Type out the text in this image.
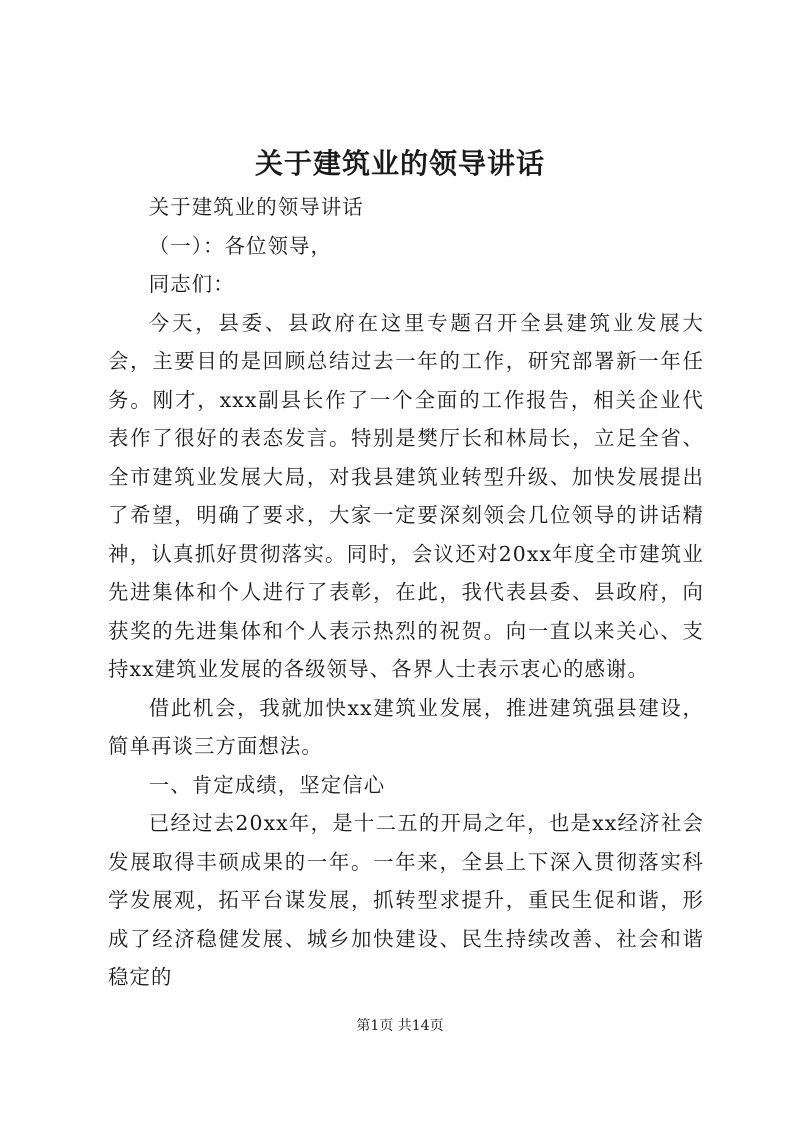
关于建筑业的领导讲话

关于建筑业的领导讲话

（一）：各位领导，

同志们：

今天，县委、县政府在这里专题召开全县建筑业发展大会，主要目的是回顾总结过去一年的工作，研究部署新一年任务。刚才，xxx副县长作了一个全面的工作报告，相关企业代表作了很好的表态发言。特别是樊厅长和林局长，立足全省、全市建筑业发展大局，对我县建筑业转型升级、加快发展提出了希望，明确了要求，大家一定要深刻领会几位领导的讲话精神，认真抓好贯彻落实。同时，会议还对20xx年度全市建筑业先进集体和个人进行了表彰，在此，我代表县委、县政府，向获奖的先进集体和个人表示热烈的祝贺。向一直以来关心、支持xx建筑业发展的各级领导、各界人士表示衷心的感谢。

借此机会，我就加快xx建筑业发展，推进建筑强县建设，简单再谈三方面想法。

一、肯定成绩，坚定信心

已经过去20xx年，是十二五的开局之年，也是xx经济社会发展取得丰硕成果的一年。一年来，全县上下深入贯彻落实科学发展观，拓平台谋发展，抓转型求提升，重民生促和谐，形成了经济稳健发展、城乡加快建设、民生持续改善、社会和谐稳定的

第1页 共14页
